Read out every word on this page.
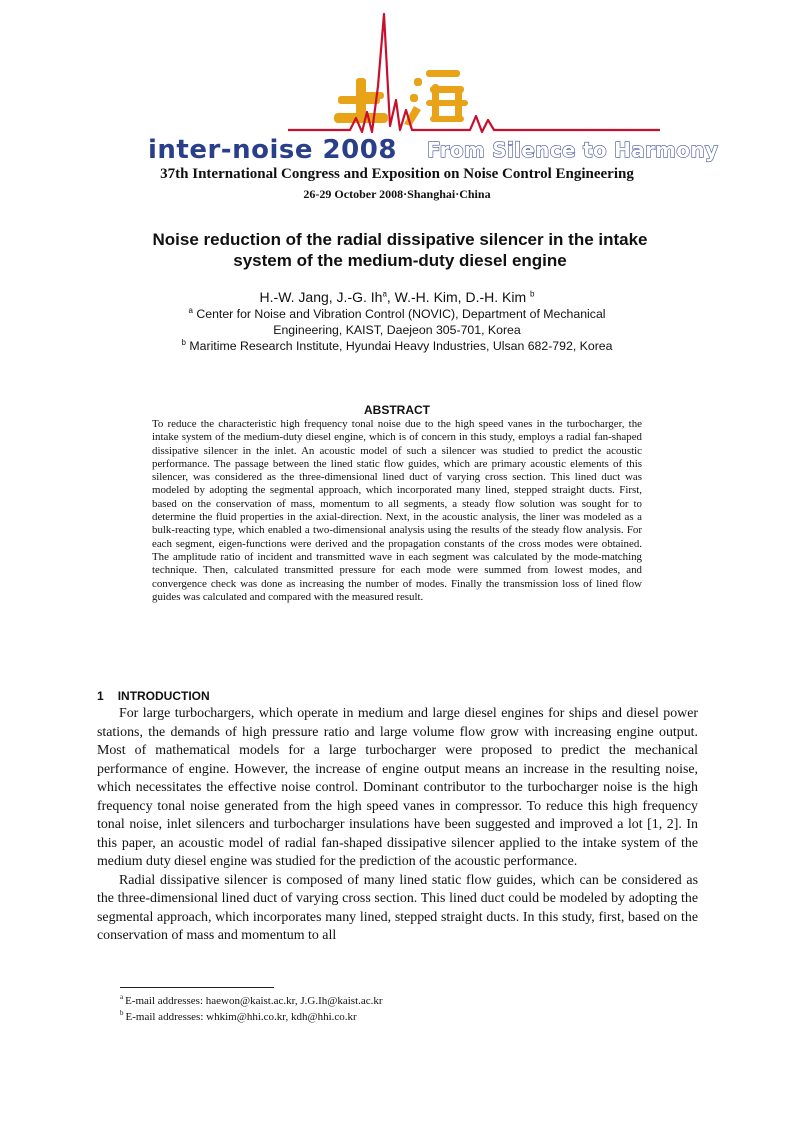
inter-noise 2008 From Silence to Harmony
37th International Congress and Exposition on Noise Control Engineering
26-29 October 2008·Shanghai·China
Noise reduction of the radial dissipative silencer in the intake
system of the medium-duty diesel engine
H.-W. Jang, J.-G. Ih$^a$, W.-H. Kim, D.-H. Kim $^b$
$^a$ Center for Noise and Vibration Control (NOVIC), Department of Mechanical
Engineering, KAIST, Daejeon 305-701, Korea
$^b$ Maritime Research Institute, Hyundai Heavy Industries, Ulsan 682-792, Korea
ABSTRACT
To reduce the characteristic high frequency tonal noise due to the high speed vanes in the turbocharger, the intake system of the medium-duty diesel engine, which is of concern in this study, employs a radial fan-shaped dissipative silencer in the inlet. An acoustic model of such a silencer was studied to predict the acoustic performance. The passage between the lined static flow guides, which are primary acoustic elements of this silencer, was considered as the three-dimensional lined duct of varying cross section. This lined duct was modeled by adopting the segmental approach, which incorporated many lined, stepped straight ducts. First, based on the conservation of mass, momentum to all segments, a steady flow solution was sought for to determine the fluid properties in the axial-direction. Next, in the acoustic analysis, the liner was modeled as a bulk-reacting type, which enabled a two-dimensional analysis using the results of the steady flow analysis. For each segment, eigen-functions were derived and the propagation constants of the cross modes were obtained. The amplitude ratio of incident and transmitted wave in each segment was calculated by the mode-matching technique. Then, calculated transmitted pressure for each mode were summed from lowest modes, and convergence check was done as increasing the number of modes. Finally the transmission loss of lined flow guides was calculated and compared with the measured result.
1 INTRODUCTION

For large turbochargers, which operate in medium and large diesel engines for ships and diesel power stations, the demands of high pressure ratio and large volume flow grow with increasing engine output. Most of mathematical models for a large turbocharger were proposed to predict the mechanical performance of engine. However, the increase of engine output means an increase in the resulting noise, which necessitates the effective noise control. Dominant contributor to the turbocharger noise is the high frequency tonal noise generated from the high speed vanes in compressor. To reduce this high frequency tonal noise, inlet silencers and turbocharger insulations have been suggested and improved a lot [1, 2]. In this paper, an acoustic model of radial fan-shaped dissipative silencer applied to the intake system of the medium duty diesel engine was studied for the prediction of the acoustic performance.

Radial dissipative silencer is composed of many lined static flow guides, which can be considered as the three-dimensional lined duct of varying cross section. This lined duct could be modeled by adopting the segmental approach, which incorporates many lined, stepped straight ducts. In this study, first, based on the conservation of mass and momentum to all

$^a$ E-mail addresses: haewon@kaist.ac.kr, J.G.Ih@kaist.ac.kr
$^b$ E-mail addresses: whkim@hhi.co.kr, kdh@hhi.co.kr
